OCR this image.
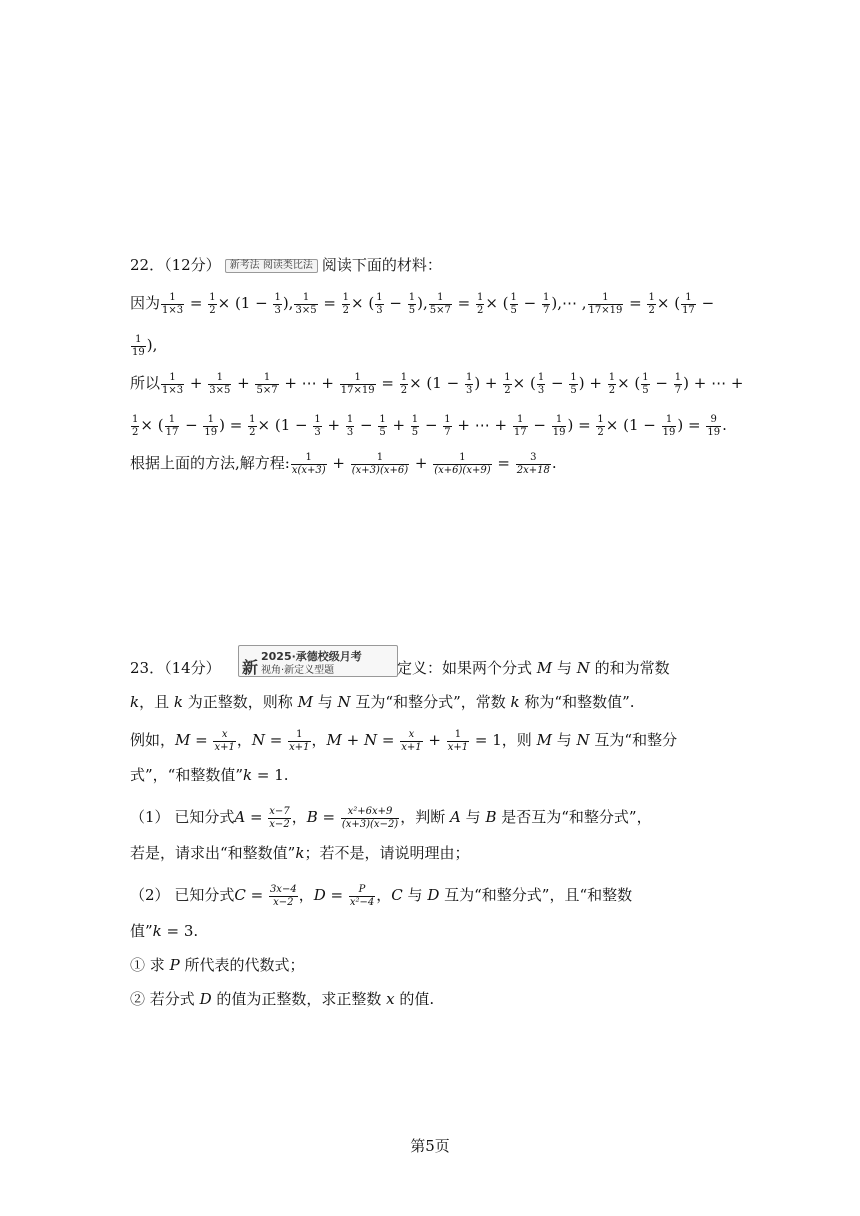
22．（12分） 新考法 阅读类比法 阅读下面的材料：
因为 $\frac{1}{1\times 3} = \frac{1}{2} \times (1 - \frac{1}{3}$ ), $\frac{1}{3\times 5} = \frac{1}{2}$ × ( $\frac{1}{3} - \frac{1}{5}$ ), $\frac{1}{5\times 7} = \frac{1}{2}$ × ( $\frac{1}{5} - \frac{1}{7}$ ),⋯ , $\frac{1}{17\times 19} = \frac{1}{2}$ × ( $\frac{1}{17}$ −
$\frac{1}{19}$ ),
所以 $\frac{1}{1\times 3} + \frac{1}{3\times 5} + \frac{1}{5\times 7}$ + ⋯ + $\frac{1}{17\times 19} = \frac{1}{2} \times (1 - \frac{1}{3}$ ) + $\frac{1}{2}$ × ( $\frac{1}{3} - \frac{1}{5}$ ) + $\frac{1}{2}$ × ( $\frac{1}{5} - \frac{1}{7}$ ) + ⋯ +
$\frac{1}{2}$ × ( $\frac{1}{17} - \frac{1}{19}$ ) = $\frac{1}{2} \times (1 - \frac{1}{3} + \frac{1}{3} - \frac{1}{5} + \frac{1}{5} - \frac{1}{7}$ + ⋯ + $\frac{1}{17} - \frac{1}{19}$ ) = $\frac{1}{2} \times (1 - \frac{1}{19}$ ) = $\frac{9}{19}$ .
根据上面的方法,解方程: $\frac{1}{x(x+3)} + \frac{1}{(x+3)(x+6)} + \frac{1}{(x+6)(x+9)} = \frac{3}{2x+18}$ .
2025·承德校级月考
新 视角·新定义型题
23．（14分）	定义：如果两个分式 M 与 N 的和为常数
k，且 k 为正整数，则称 M 与 N 互为“和整分式”，常数 k 称为“和整数值”.
例如，$M = \frac{x}{x+1}$ ，$N = \frac{1}{x+1}$ ，$M + N = \frac{x}{x+1} + \frac{1}{x+1} = 1$，则 M 与 N 互为“和整分
式”，“和整数值”k = 1.
（1） 已知分式$A = \frac{x-7}{x-2}$ ，$B = \frac{\text{x²+6x+9}}{(x+3)(x-2)}$ ，判断 A 与 B 是否互为“和整分式”，
若是，请求出“和整数值”k；若不是，请说明理由；
（2） 已知分式$C = \frac{3x-4}{x-2}$ ，$D = \frac{P}{\text{x²−4}}$ ，C 与 D 互为“和整分式”，且“和整数
值”k = 3.
① 求 P 所代表的代数式；
② 若分式 D 的值为正整数，求正整数 x 的值.
第5页
